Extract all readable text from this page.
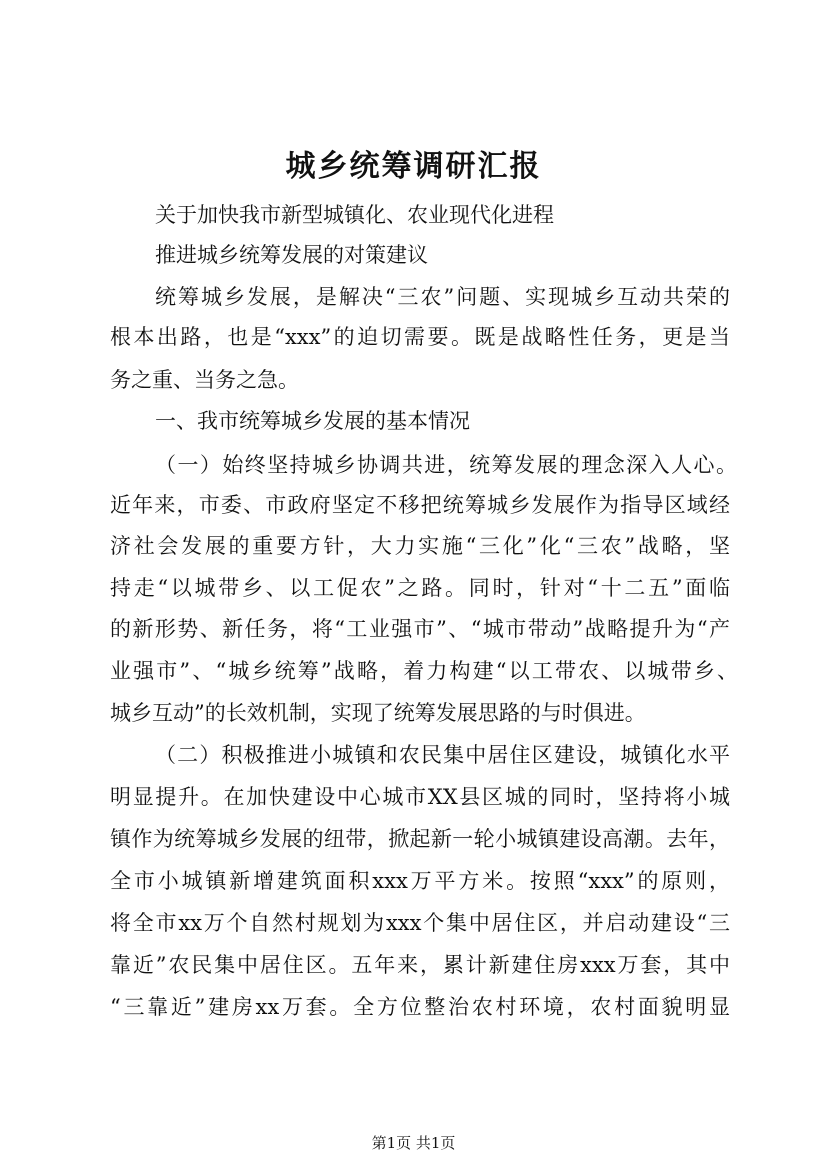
城乡统筹调研汇报

关于加快我市新型城镇化、农业现代化进程

推进城乡统筹发展的对策建议

统筹城乡发展，是解决“三农”问题、实现城乡互动共荣的

根本出路，也是“xxx”的迫切需要。既是战略性任务，更是当

务之重、当务之急。

一、我市统筹城乡发展的基本情况

（一）始终坚持城乡协调共进，统筹发展的理念深入人心。

近年来，市委、市政府坚定不移把统筹城乡发展作为指导区域经

济社会发展的重要方针，大力实施“三化”化“三农”战略，坚

持走“以城带乡、以工促农”之路。同时，针对“十二五”面临

的新形势、新任务，将“工业强市”、“城市带动”战略提升为“产

业强市”、“城乡统筹”战略，着力构建“以工带农、以城带乡、

城乡互动”的长效机制，实现了统筹发展思路的与时俱进。

（二）积极推进小城镇和农民集中居住区建设，城镇化水平

明显提升。在加快建设中心城市XX县区城的同时，坚持将小城

镇作为统筹城乡发展的纽带，掀起新一轮小城镇建设高潮。去年，

全市小城镇新增建筑面积xxx万平方米。按照“xxx”的原则，

将全市xx万个自然村规划为xxx个集中居住区，并启动建设“三

靠近”农民集中居住区。五年来，累计新建住房xxx万套，其中

“三靠近”建房xx万套。全方位整治农村环境，农村面貌明显

第1页 共1页
